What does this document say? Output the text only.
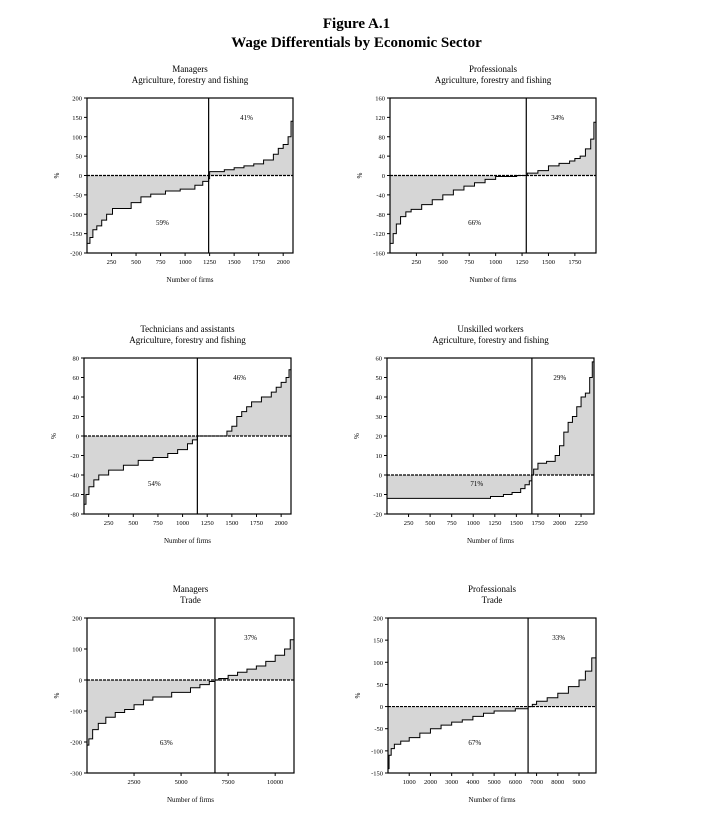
Figure A.1
Wage Differentials by Economic Sector
Managers
Agriculture, forestry and fishing
41%
59%
-200
-150
-100
-50
0
50
100
150
200
250 500 750 1000 1250 1500 1750 2000
Number of firms
%
Professionals
Agriculture, forestry and fishing
34%
66%
-160
-120
-80
-40
0
40
80
120
160
250	500	750 1000 1250 1500 1750
Number of firms
%
Technicians and assistants
Agriculture, forestry and fishing
46%
54%
-80
-60
-40
-20
0
20
40
60
80
250 500 750 1000 1250 1500 1750 2000
Number of firms
%
Unskilled workers
Agriculture, forestry and fishing
29%
71%
-20
-10
0
10
20
30
40
50
60
250 500 750 1000 1250 1500 1750 2000 2250
Number of firms
%
Managers
Trade
37%
63%
-300
-200
-100
0
100
200
2500	5000	7500	10000
Number of firms
%
Professionals
Trade
33%
67%
-150
-100
-50
0
50
100
150
200
1000 2000 3000 4000 5000 6000 7000 8000 9000
Number of firms
%
